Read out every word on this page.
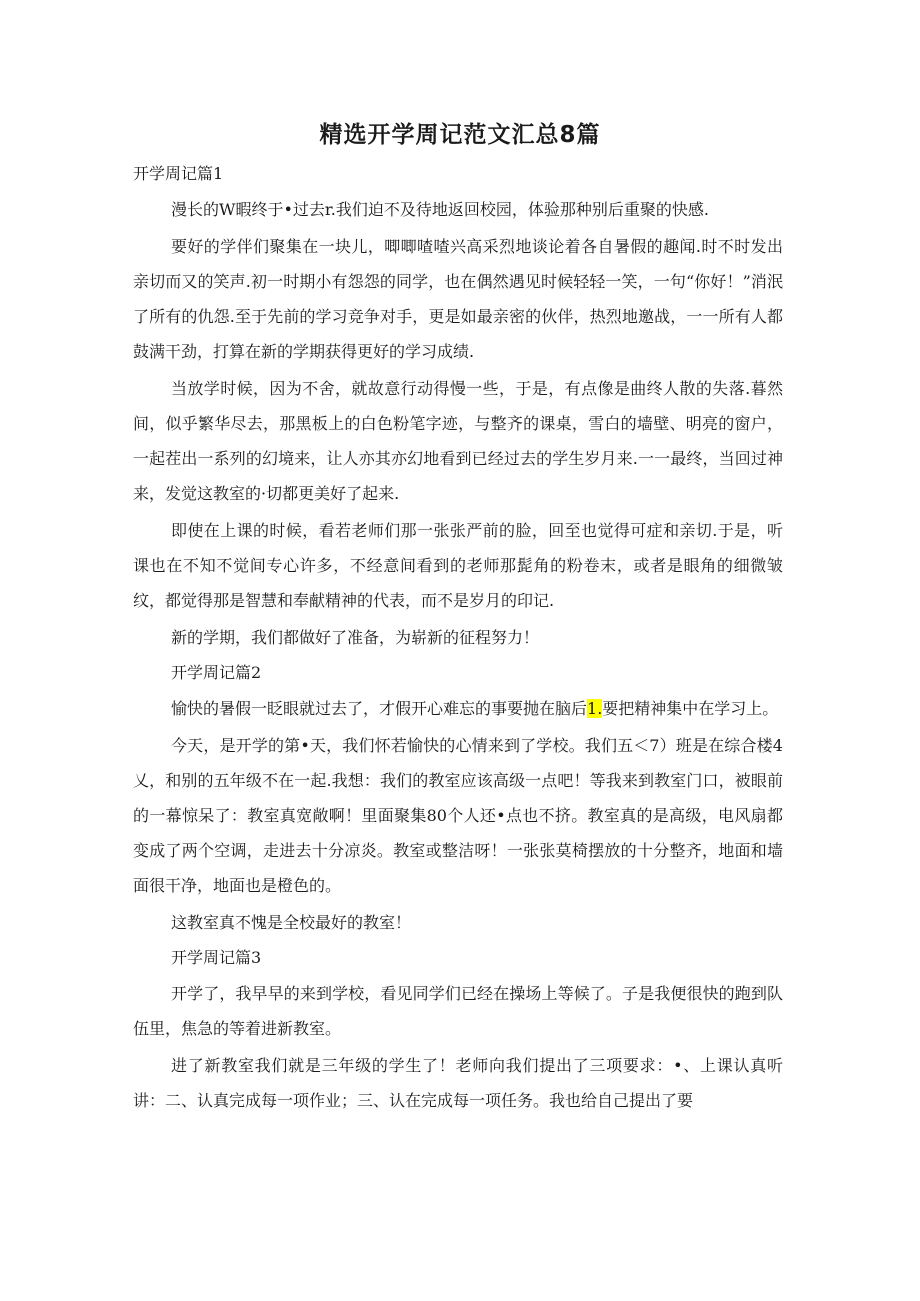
精选开学周记范文汇总8篇
开学周记篇1

漫长的W暇终于•过去r.我们迫不及待地返回校园，体验那种别后重聚的快感.

要好的学伴们聚集在一块儿，唧唧喳喳兴高采烈地谈论着各自暑假的趣闻.时不时发出亲切而又的笑声.初一时期小有怨怨的同学，也在偶然遇见时候轻轻一笑，一句“你好！”消泯了所有的仇怨.至于先前的学习竞争对手，更是如最亲密的伙伴，热烈地邀战，一一所有人都鼓满干劲，打算在新的学期获得更好的学习成绩.

当放学时候，因为不舍，就故意行动得慢一些，于是，有点像是曲终人散的失落.暮然间，似乎繁华尽去，那黑板上的白色粉笔字迹，与整齐的课桌，雪白的墙壁、明亮的窗户，一起茬出一系列的幻境来，让人亦其亦幻地看到已经过去的学生岁月来.一一最终，当回过神来，发觉这教室的·切都更美好了起来.

即使在上课的时候，看若老师们那一张张严前的脸，回至也觉得可症和亲切.于是，听课也在不知不觉间专心许多，不经意间看到的老师那髭角的粉卷末，或者是眼角的细微皱纹，都觉得那是智慧和奉献精神的代表，而不是岁月的印记.

新的学期，我们都做好了准备，为崭新的征程努力！

开学周记篇2

愉快的暑假一眨眼就过去了，才假开心难忘的事要抛在脑后1.要把精神集中在学习上。

今天，是开学的第•天，我们怀若愉快的心情来到了学校。我们五＜7）班是在综合楼4乂，和别的五年级不在一起.我想：我们的教室应该高级一点吧！等我来到教室门口，被眼前的一幕惊呆了：教室真宽敞啊！里面聚集80个人还•点也不挤。教室真的是高级，电风扇都变成了两个空调，走进去十分凉炎。教室或整洁呀！一张张莫椅摆放的十分整齐，地面和墙面很干净，地面也是橙色的。

这教室真不愧是全校最好的教室！

开学周记篇3

开学了，我早早的来到学校，看见同学们已经在操场上等候了。子是我便很快的跑到队伍里，焦急的等着进新教室。

进了新教室我们就是三年级的学生了！老师向我们提出了三项要求：•、上课认真听讲：二、认真完成每一项作业；三、认在完成每一项任务。我也给自己提出了要
